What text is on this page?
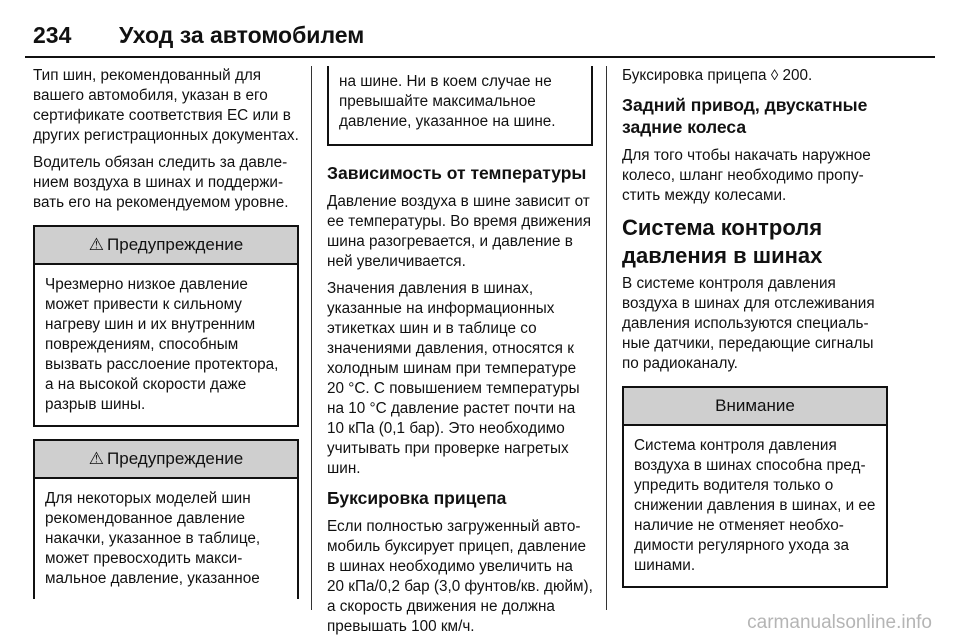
234 Уход за автомобилем

Тип шин, рекомендованный для вашего автомобиля, указан в его сертификате соответствия ЕС или в других регистрационных документах.

Водитель обязан следить за давлением воздуха в шинах и поддерживать его на рекомендуемом уровне.

⚠ Предупреждение

Чрезмерно низкое давление может привести к сильному нагреву шин и их внутренним повреждениям, способным вызвать расслоение протектора, а на высокой скорости даже разрыв шины.

⚠ Предупреждение

Для некоторых моделей шин рекомендованное давление накачки, указанное в таблице, может превосходить максимальное давление, указанное

на шине. Ни в коем случае не превышайте максимальное давление, указанное на шине.

Зависимость от температуры

Давление воздуха в шине зависит от ее температуры. Во время движения шина разогревается, и давление в ней увеличивается.

Значения давления в шинах, указанные на информационных этикетках шин и в таблице со значениями давления, относятся к холодным шинам при температуре 20 °C. С повышением температуры на 10 °C давление растет почти на 10 кПа (0,1 бар). Это необходимо учитывать при проверке нагретых шин.

Буксировка прицепа

Если полностью загруженный автомобиль буксирует прицеп, давление в шинах необходимо увеличить на 20 кПа/0,2 бар (3,0 фунтов/кв. дюйм), а скорость движения не должна превышать 100 км/ч.

Буксировка прицепа ◊ 200.

Задний привод, двускатные задние колеса

Для того чтобы накачать наружное колесо, шланг необходимо пропустить между колесами.

Система контроля давления в шинах

В системе контроля давления воздуха в шинах для отслеживания давления используются специальные датчики, передающие сигналы по радиоканалу.

Внимание

Система контроля давления воздуха в шинах способна предупредить водителя только о снижении давления в шинах, и ее наличие не отменяет необходимости регулярного ухода за шинами.

carmanualsonline.info
